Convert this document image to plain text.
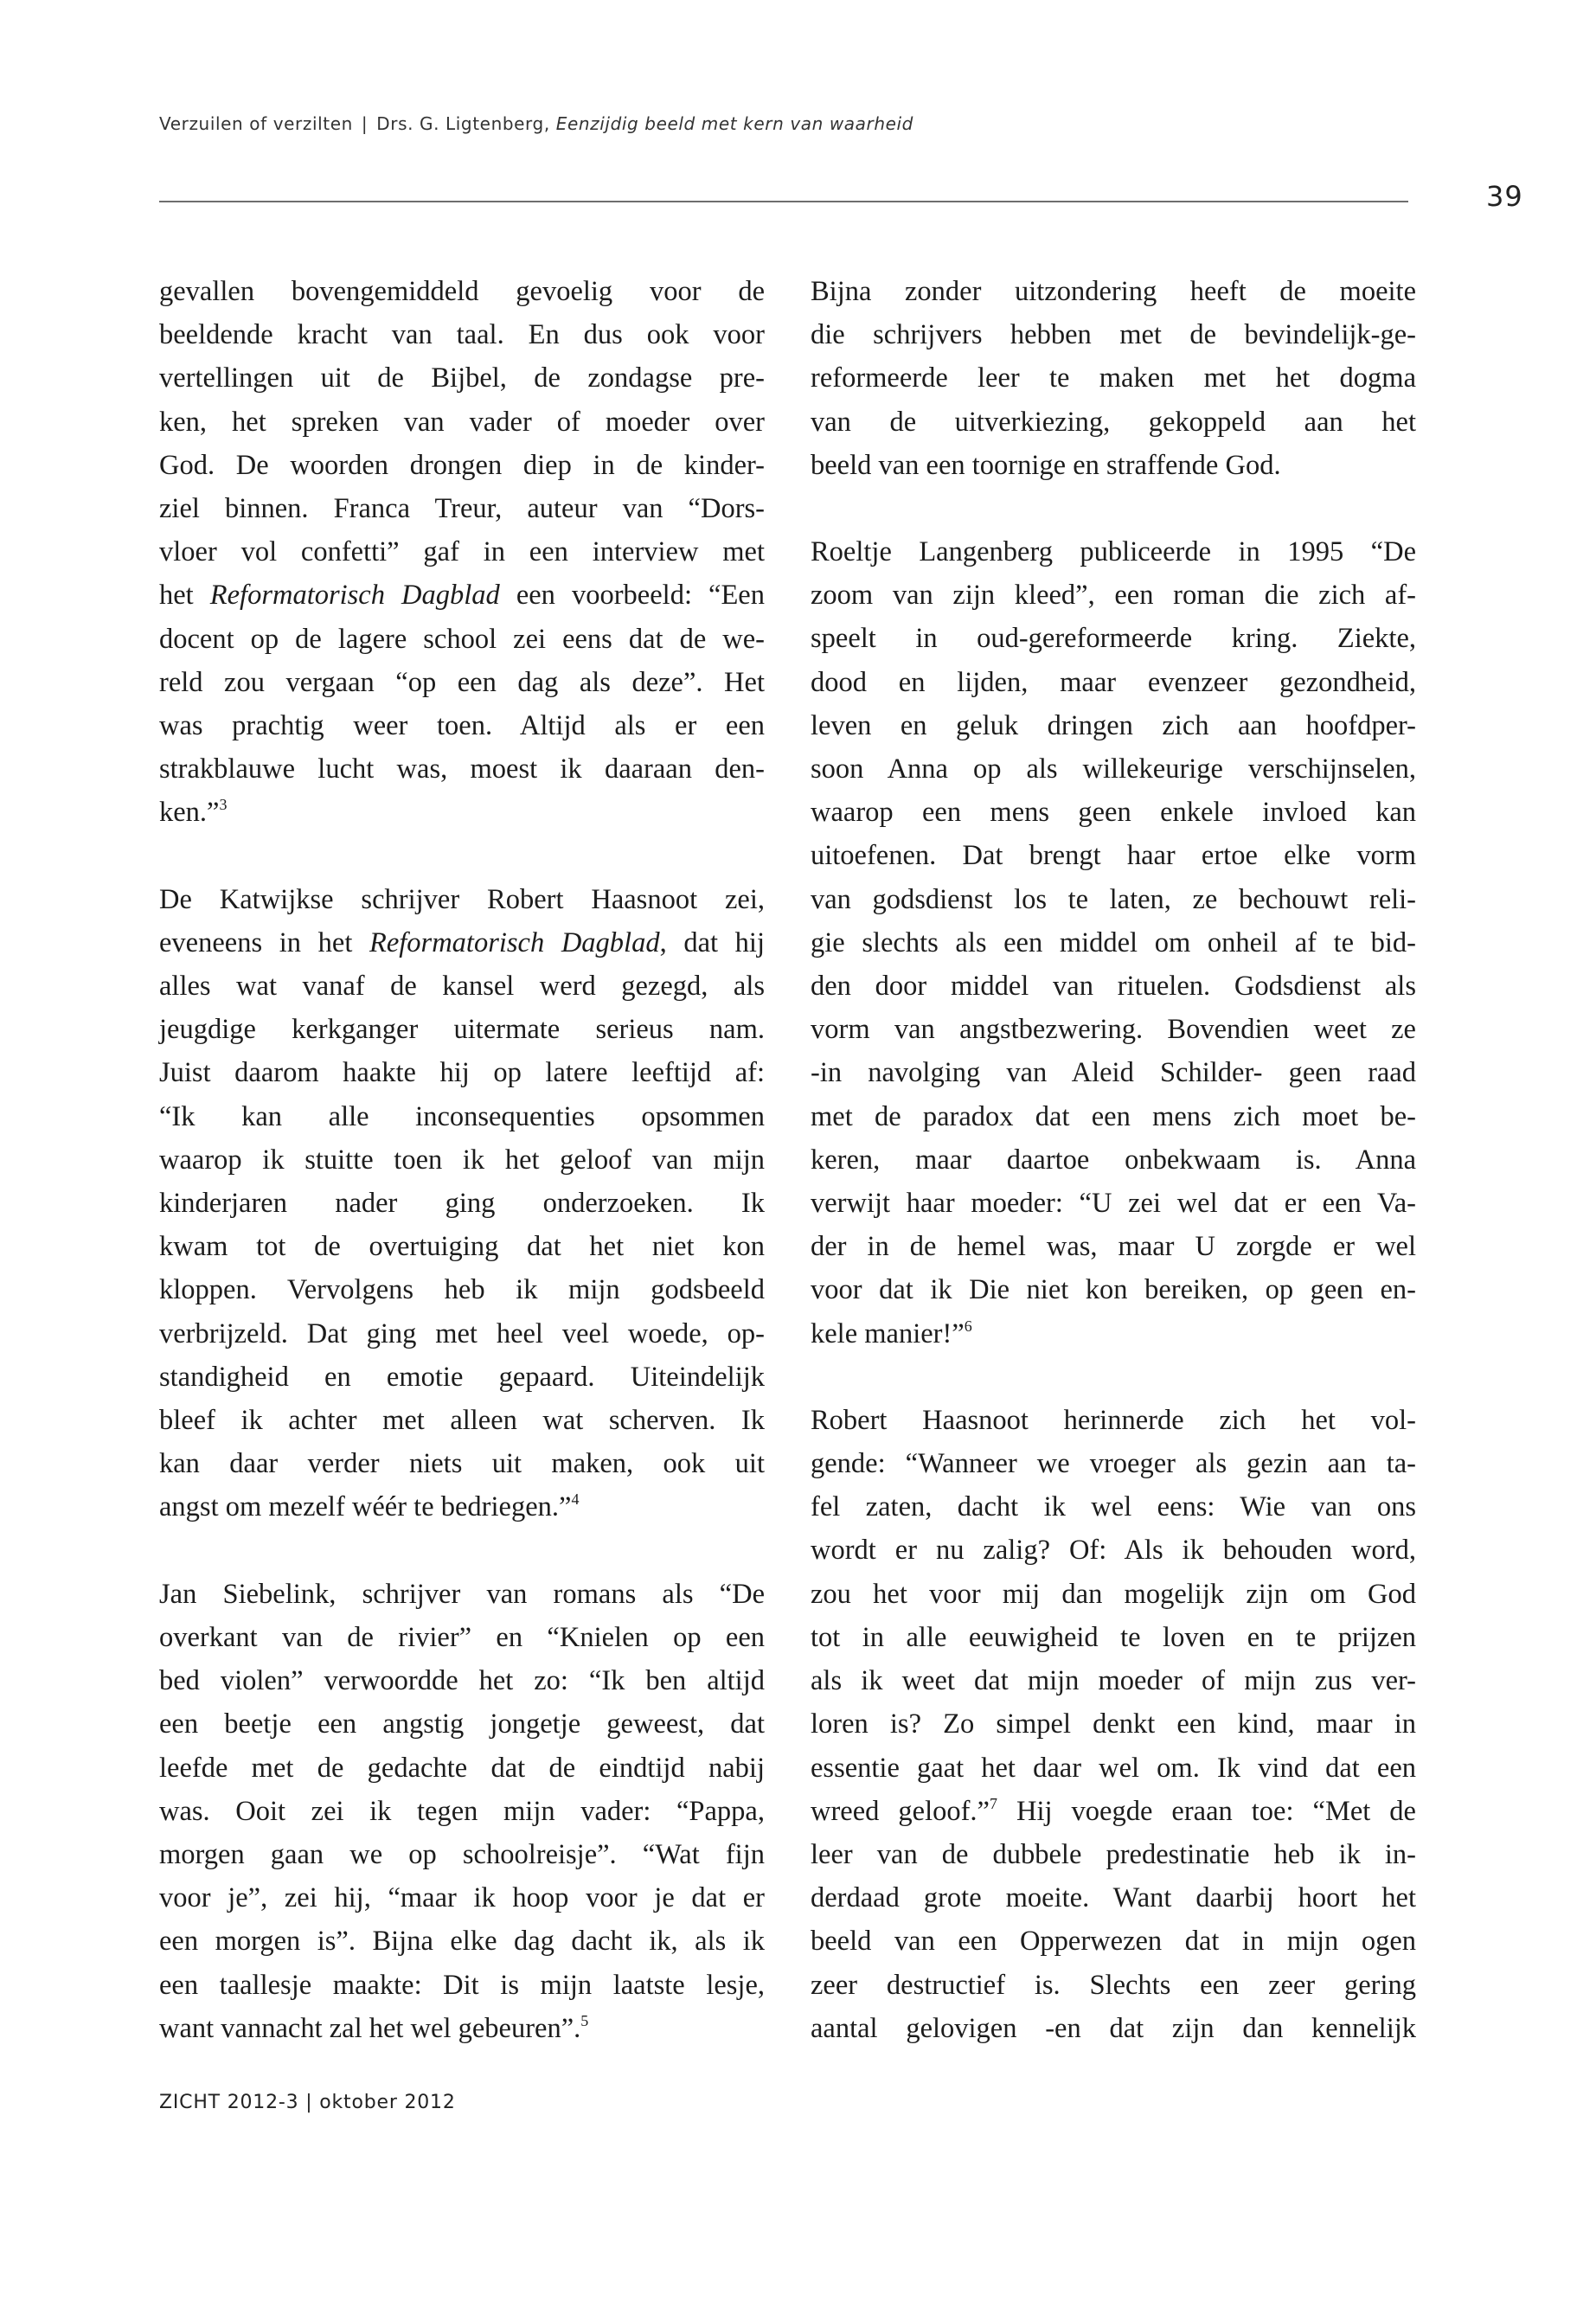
Verzuilen of verzilten | Drs. G. Ligtenberg, Eenzijdig beeld met kern van waarheid
39

gevallen bovengemiddeld gevoelig voor de
beeldende kracht van taal. En dus ook voor
vertellingen uit de Bijbel, de zondagse pre-
ken, het spreken van vader of moeder over
God. De woorden drongen diep in de kinder-
ziel binnen. Franca Treur, auteur van “Dors-
vloer vol confetti” gaf in een interview met
het Reformatorisch Dagblad een voorbeeld: “Een
docent op de lagere school zei eens dat de we-
reld zou vergaan “op een dag als deze”. Het
was prachtig weer toen. Altijd als er een
strakblauwe lucht was, moest ik daaraan den-
ken.”$^3$

De Katwijkse schrijver Robert Haasnoot zei,
eveneens in het Reformatorisch Dagblad, dat hij
alles wat vanaf de kansel werd gezegd, als
jeugdige kerkganger uitermate serieus nam.
Juist daarom haakte hij op latere leeftijd af:
“Ik kan alle inconsequenties opsommen
waarop ik stuitte toen ik het geloof van mijn
kinderjaren nader ging onderzoeken. Ik
kwam tot de overtuiging dat het niet kon
kloppen. Vervolgens heb ik mijn godsbeeld
verbrijzeld. Dat ging met heel veel woede, op-
standigheid en emotie gepaard. Uiteindelijk
bleef ik achter met alleen wat scherven. Ik
kan daar verder niets uit maken, ook uit
angst om mezelf wéér te bedriegen.”$^4$

Jan Siebelink, schrijver van romans als “De
overkant van de rivier” en “Knielen op een
bed violen” verwoordde het zo: “Ik ben altijd
een beetje een angstig jongetje geweest, dat
leefde met de gedachte dat de eindtijd nabij
was. Ooit zei ik tegen mijn vader: “Pappa,
morgen gaan we op schoolreisje”. “Wat fijn
voor je”, zei hij, “maar ik hoop voor je dat er
een morgen is”. Bijna elke dag dacht ik, als ik
een taallesje maakte: Dit is mijn laatste lesje,
want vannacht zal het wel gebeuren”.$^5$

Bijna zonder uitzondering heeft de moeite
die schrijvers hebben met de bevindelijk-ge-
reformeerde leer te maken met het dogma
van de uitverkiezing, gekoppeld aan het
beeld van een toornige en straffende God.

Roeltje Langenberg publiceerde in 1995 “De
zoom van zijn kleed”, een roman die zich af-
speelt in oud-gereformeerde kring. Ziekte,
dood en lijden, maar evenzeer gezondheid,
leven en geluk dringen zich aan hoofdper-
soon Anna op als willekeurige verschijnselen,
waarop een mens geen enkele invloed kan
uitoefenen. Dat brengt haar ertoe elke vorm
van godsdienst los te laten, ze bechouwt reli-
gie slechts als een middel om onheil af te bid-
den door middel van rituelen. Godsdienst als
vorm van angstbezwering. Bovendien weet ze
-in navolging van Aleid Schilder- geen raad
met de paradox dat een mens zich moet be-
keren, maar daartoe onbekwaam is. Anna
verwijt haar moeder: “U zei wel dat er een Va-
der in de hemel was, maar U zorgde er wel
voor dat ik Die niet kon bereiken, op geen en-
kele manier!”$^6$

Robert Haasnoot herinnerde zich het vol-
gende: “Wanneer we vroeger als gezin aan ta-
fel zaten, dacht ik wel eens: Wie van ons
wordt er nu zalig? Of: Als ik behouden word,
zou het voor mij dan mogelijk zijn om God
tot in alle eeuwigheid te loven en te prijzen
als ik weet dat mijn moeder of mijn zus ver-
loren is? Zo simpel denkt een kind, maar in
essentie gaat het daar wel om. Ik vind dat een
wreed geloof.”$^7$ Hij voegde eraan toe: “Met de
leer van de dubbele predestinatie heb ik in-
derdaad grote moeite. Want daarbij hoort het
beeld van een Opperwezen dat in mijn ogen
zeer destructief is. Slechts een zeer gering
aantal gelovigen -en dat zijn dan kennelijk

ZICHT 2012-3 | oktober 2012
